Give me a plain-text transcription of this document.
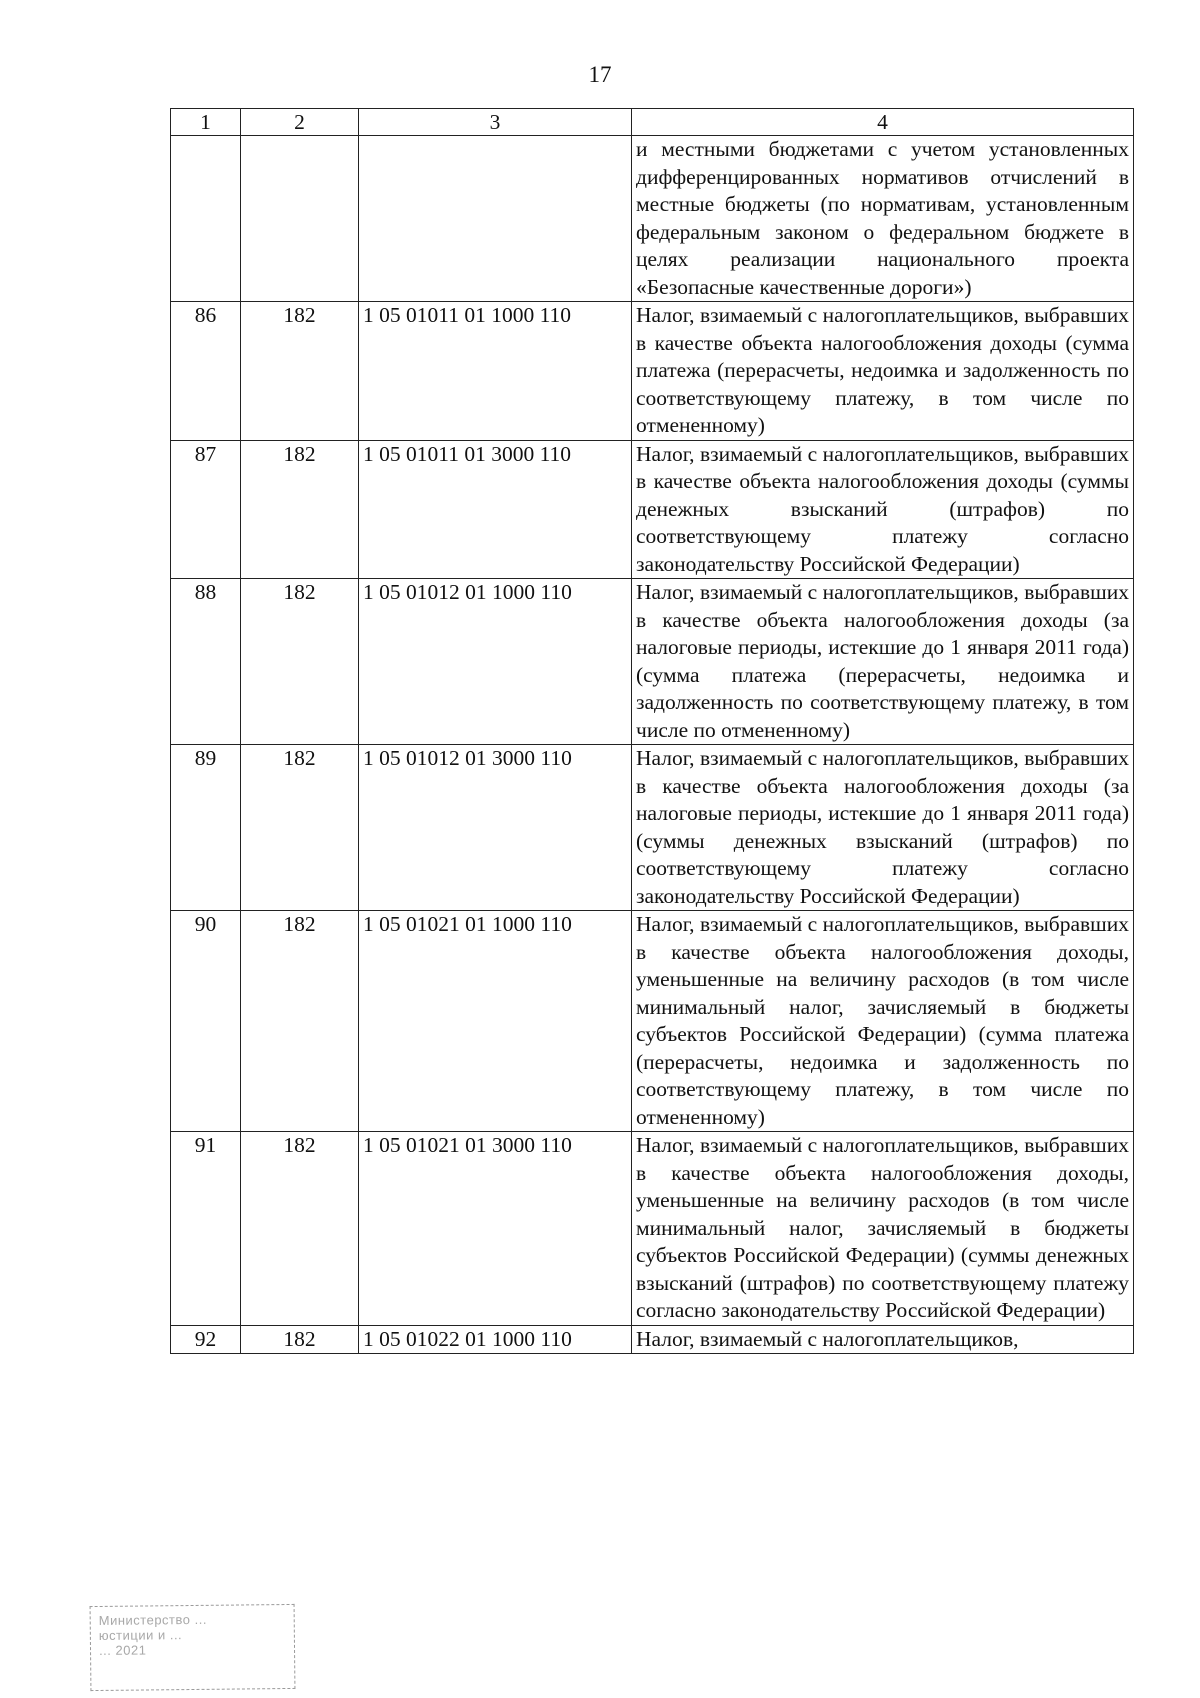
17
1	2	3	4
			и местными бюджетами с учетом установленных дифференцированных нормативов отчислений в местные бюджеты (по нормативам, установленным федеральным законом о федеральном бюджете в целях реализации национального проекта «Безопасные качественные дороги»)
86	182	1 05 01011 01 1000 110	Налог, взимаемый с налогоплательщиков, выбравших в качестве объекта налогообложения доходы (сумма платежа (перерасчеты, недоимка и задолженность по соответствующему платежу, в том числе по отмененному)
87	182	1 05 01011 01 3000 110	Налог, взимаемый с налогоплательщиков, выбравших в качестве объекта налогообложения доходы (суммы денежных взысканий (штрафов) по соответствующему платежу согласно законодательству Российской Федерации)
88	182	1 05 01012 01 1000 110	Налог, взимаемый с налогоплательщиков, выбравших в качестве объекта налогообложения доходы (за налоговые периоды, истекшие до 1 января 2011 года) (сумма платежа (перерасчеты, недоимка и задолженность по соответствующему платежу, в том числе по отмененному)
89	182	1 05 01012 01 3000 110	Налог, взимаемый с налогоплательщиков, выбравших в качестве объекта налогообложения доходы (за налоговые периоды, истекшие до 1 января 2011 года) (суммы денежных взысканий (штрафов) по соответствующему платежу согласно законодательству Российской Федерации)
90	182	1 05 01021 01 1000 110	Налог, взимаемый с налогоплательщиков, выбравших в качестве объекта налогообложения доходы, уменьшенные на величину расходов (в том числе минимальный налог, зачисляемый в бюджеты субъектов Российской Федерации) (сумма платежа (перерасчеты, недоимка и задолженность по соответствующему платежу, в том числе по отмененному)
91	182	1 05 01021 01 3000 110	Налог, взимаемый с налогоплательщиков, выбравших в качестве объекта налогообложения доходы, уменьшенные на величину расходов (в том числе минимальный налог, зачисляемый в бюджеты субъектов Российской Федерации) (суммы денежных взысканий (штрафов) по соответствующему платежу согласно законодательству Российской Федерации)
92	182	1 05 01022 01 1000 110	Налог, взимаемый с налогоплательщиков,
Министерство ...
юстиции и ...
... 2021
